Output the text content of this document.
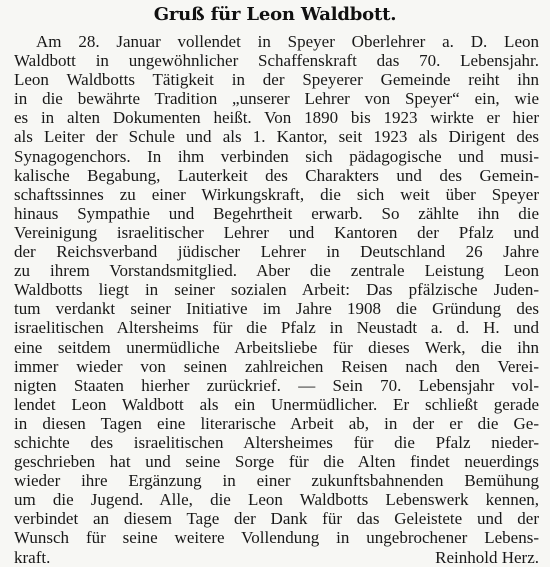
Gruß für Leon Waldbott.
Am 28. Januar vollendet in Speyer Oberlehrer a. D. Leon
Waldbott in ungewöhnlicher Schaffenskraft das 70. Lebensjahr.
Leon Waldbotts Tätigkeit in der Speyerer Gemeinde reiht ihn
in die bewährte Tradition „unserer Lehrer von Speyer“ ein, wie
es in alten Dokumenten heißt. Von 1890 bis 1923 wirkte er hier
als Leiter der Schule und als 1. Kantor, seit 1923 als Dirigent des
Synagogenchors. In ihm verbinden sich pädagogische und musi-
kalische Begabung, Lauterkeit des Charakters und des Gemein-
schaftssinnes zu einer Wirkungskraft, die sich weit über Speyer
hinaus Sympathie und Begehrtheit erwarb. So zählte ihn die
Vereinigung israelitischer Lehrer und Kantoren der Pfalz und
der Reichsverband jüdischer Lehrer in Deutschland 26 Jahre
zu ihrem Vorstandsmitglied. Aber die zentrale Leistung Leon
Waldbotts liegt in seiner sozialen Arbeit: Das pfälzische Juden-
tum verdankt seiner Initiative im Jahre 1908 die Gründung des
israelitischen Altersheims für die Pfalz in Neustadt a. d. H. und
eine seitdem unermüdliche Arbeitsliebe für dieses Werk, die ihn
immer wieder von seinen zahlreichen Reisen nach den Verei-
nigten Staaten hierher zurückrief. — Sein 70. Lebensjahr vol-
lendet Leon Waldbott als ein Unermüdlicher. Er schließt gerade
in diesen Tagen eine literarische Arbeit ab, in der er die Ge-
schichte des israelitischen Altersheimes für die Pfalz nieder-
geschrieben hat und seine Sorge für die Alten findet neuerdings
wieder ihre Ergänzung in einer zukunftsbahnenden Bemühung
um die Jugend. Alle, die Leon Waldbotts Lebenswerk kennen,
verbindet an diesem Tage der Dank für das Geleistete und der
Wunsch für seine weitere Vollendung in ungebrochener Lebens-
kraft.	Reinhold Herz.
